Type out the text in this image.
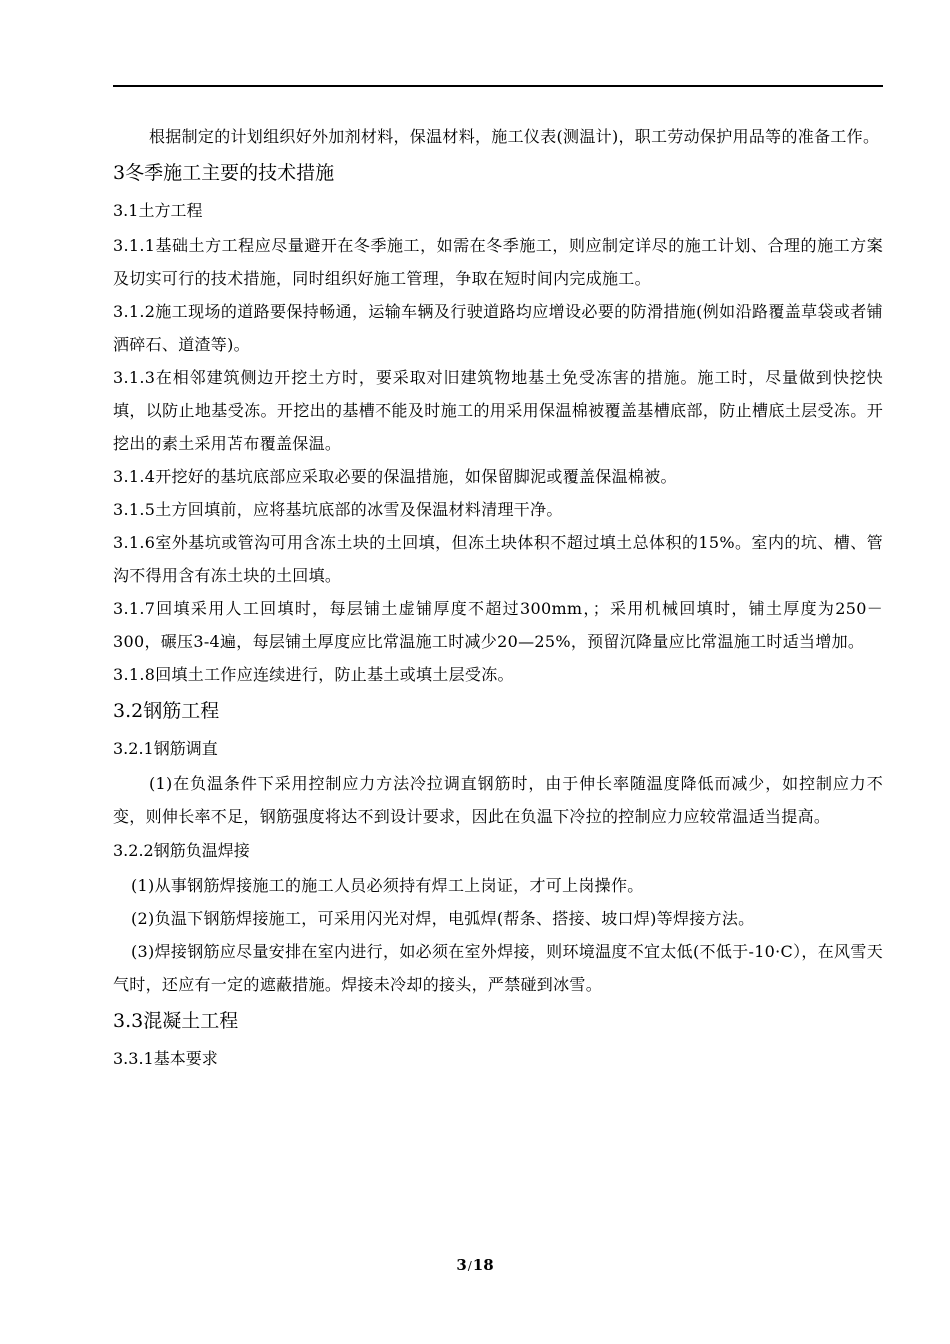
根据制定的计划组织好外加剂材料，保温材料，施工仪表(测温计)，职工劳动保护用品等的准备工作。

3冬季施工主要的技术措施

3.1土方工程

3.1.1基础土方工程应尽量避开在冬季施工，如需在冬季施工，则应制定详尽的施工计划、合理的施工方案及切实可行的技术措施，同时组织好施工管理，争取在短时间内完成施工。

3.1.2施工现场的道路要保持畅通，运输车辆及行驶道路均应增设必要的防滑措施(例如沿路覆盖草袋或者铺洒碎石、道渣等)。

3.1.3在相邻建筑侧边开挖土方时，要采取对旧建筑物地基土免受冻害的措施。施工时，尽量做到快挖快填，以防止地基受冻。开挖出的基槽不能及时施工的用采用保温棉被覆盖基槽底部，防止槽底土层受冻。开挖出的素土采用苫布覆盖保温。

3.1.4开挖好的基坑底部应采取必要的保温措施，如保留脚泥或覆盖保温棉被。

3.1.5土方回填前，应将基坑底部的冰雪及保温材料清理干净。

3.1.6室外基坑或管沟可用含冻土块的土回填，但冻土块体积不超过填土总体积的15%。室内的坑、槽、管沟不得用含有冻土块的土回填。

3.1.7回填采用人工回填时，每层铺土虚铺厚度不超过300mm，；采用机械回填时，铺土厚度为250－300，碾压3-4遍，每层铺土厚度应比常温施工时减少20—25%，预留沉降量应比常温施工时适当增加。

3.1.8回填土工作应连续进行，防止基土或填土层受冻。

3.2钢筋工程

3.2.1钢筋调直

(1)在负温条件下采用控制应力方法冷拉调直钢筋时，由于伸长率随温度降低而减少，如控制应力不变，则伸长率不足，钢筋强度将达不到设计要求，因此在负温下冷拉的控制应力应较常温适当提高。

3.2.2钢筋负温焊接

(1)从事钢筋焊接施工的施工人员必须持有焊工上岗证，才可上岗操作。

(2)负温下钢筋焊接施工，可采用闪光对焊，电弧焊(帮条、搭接、坡口焊)等焊接方法。

(3)焊接钢筋应尽量安排在室内进行，如必须在室外焊接，则环境温度不宜太低(不低于-10·C），在风雪天气时，还应有一定的遮蔽措施。焊接未冷却的接头，严禁碰到冰雪。

3.3混凝土工程

3.3.1基本要求

3/18
